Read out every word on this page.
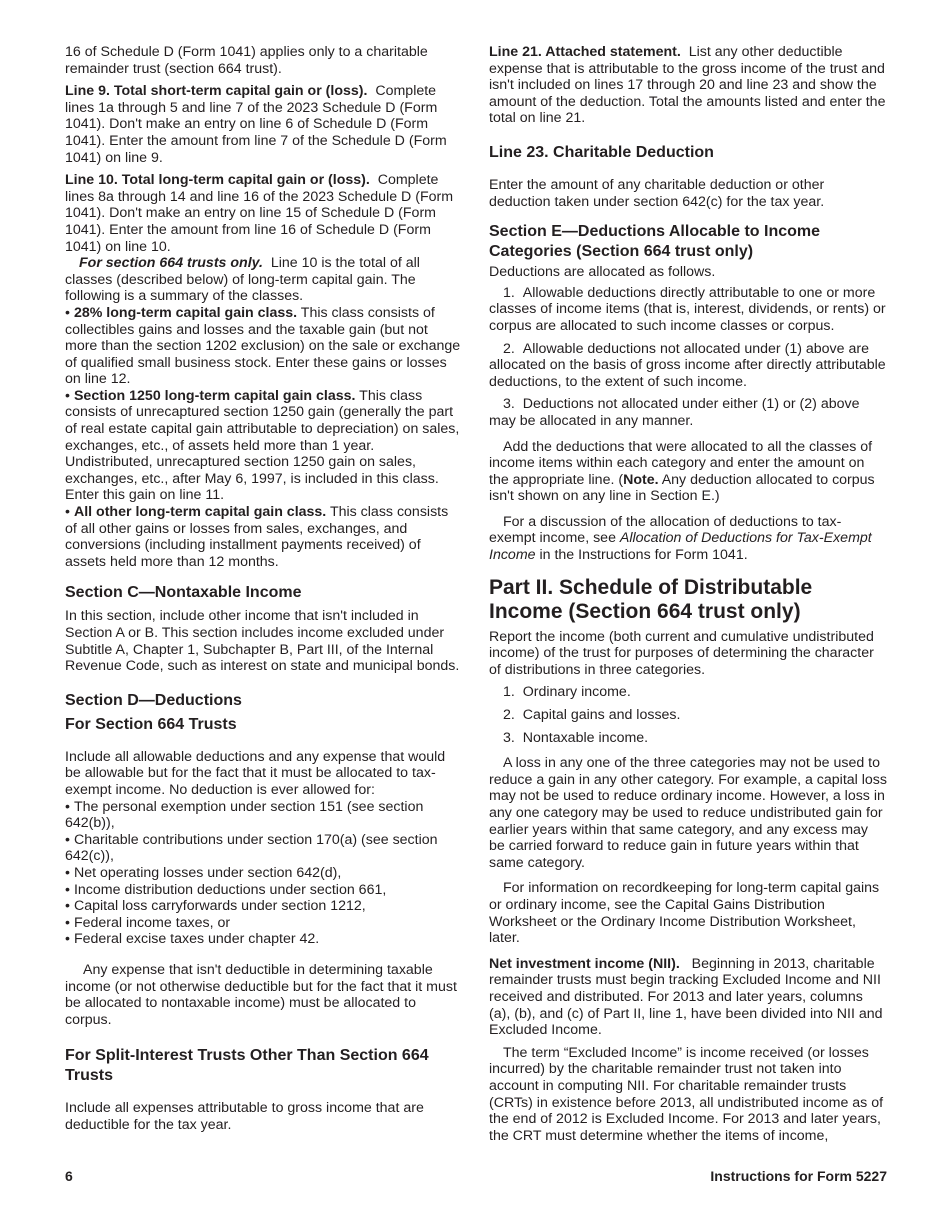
16 of Schedule D (Form 1041) applies only to a charitable remainder trust (section 664 trust).

Line 9. Total short-term capital gain or (loss). Complete lines 1a through 5 and line 7 of the 2023 Schedule D (Form 1041). Don't make an entry on line 6 of Schedule D (Form 1041). Enter the amount from line 7 of the Schedule D (Form 1041) on line 9.

Line 10. Total long-term capital gain or (loss). Complete lines 8a through 14 and line 16 of the 2023 Schedule D (Form 1041). Don't make an entry on line 15 of Schedule D (Form 1041). Enter the amount from line 16 of Schedule D (Form 1041) on line 10.

For section 664 trusts only. Line 10 is the total of all classes (described below) of long-term capital gain. The following is a summary of the classes.

• 28% long-term capital gain class. This class consists of collectibles gains and losses and the taxable gain (but not more than the section 1202 exclusion) on the sale or exchange of qualified small business stock. Enter these gains or losses on line 12.

• Section 1250 long-term capital gain class. This class consists of unrecaptured section 1250 gain (generally the part of real estate capital gain attributable to depreciation) on sales, exchanges, etc., of assets held more than 1 year. Undistributed, unrecaptured section 1250 gain on sales, exchanges, etc., after May 6, 1997, is included in this class. Enter this gain on line 11.

• All other long-term capital gain class. This class consists of all other gains or losses from sales, exchanges, and conversions (including installment payments received) of assets held more than 12 months.

Section C—Nontaxable Income

In this section, include other income that isn't included in Section A or B. This section includes income excluded under Subtitle A, Chapter 1, Subchapter B, Part III, of the Internal Revenue Code, such as interest on state and municipal bonds.

Section D—Deductions
For Section 664 Trusts

Include all allowable deductions and any expense that would be allowable but for the fact that it must be allocated to tax-exempt income. No deduction is ever allowed for:

• The personal exemption under section 151 (see section 642(b)),

• Charitable contributions under section 170(a) (see section 642(c)),

• Net operating losses under section 642(d),

• Income distribution deductions under section 661,

• Capital loss carryforwards under section 1212,

• Federal income taxes, or

• Federal excise taxes under chapter 42.

Any expense that isn't deductible in determining taxable income (or not otherwise deductible but for the fact that it must be allocated to nontaxable income) must be allocated to corpus.

For Split-Interest Trusts Other Than Section 664 Trusts

Include all expenses attributable to gross income that are deductible for the tax year.

Line 21. Attached statement. List any other deductible expense that is attributable to the gross income of the trust and isn't included on lines 17 through 20 and line 23 and show the amount of the deduction. Total the amounts listed and enter the total on line 21.

Line 23. Charitable Deduction

Enter the amount of any charitable deduction or other deduction taken under section 642(c) for the tax year.

Section E—Deductions Allocable to Income Categories (Section 664 trust only)

Deductions are allocated as follows.

1. Allowable deductions directly attributable to one or more classes of income items (that is, interest, dividends, or rents) or corpus are allocated to such income classes or corpus.

2. Allowable deductions not allocated under (1) above are allocated on the basis of gross income after directly attributable deductions, to the extent of such income.

3. Deductions not allocated under either (1) or (2) above may be allocated in any manner.

Add the deductions that were allocated to all the classes of income items within each category and enter the amount on the appropriate line. (Note. Any deduction allocated to corpus isn't shown on any line in Section E.)

For a discussion of the allocation of deductions to tax-exempt income, see Allocation of Deductions for Tax-Exempt Income in the Instructions for Form 1041.

Part II. Schedule of Distributable Income (Section 664 trust only)

Report the income (both current and cumulative undistributed income) of the trust for purposes of determining the character of distributions in three categories.

1. Ordinary income.

2. Capital gains and losses.

3. Nontaxable income.

A loss in any one of the three categories may not be used to reduce a gain in any other category. For example, a capital loss may not be used to reduce ordinary income. However, a loss in any one category may be used to reduce undistributed gain for earlier years within that same category, and any excess may be carried forward to reduce gain in future years within that same category.

For information on recordkeeping for long-term capital gains or ordinary income, see the Capital Gains Distribution Worksheet or the Ordinary Income Distribution Worksheet, later.

Net investment income (NII). Beginning in 2013, charitable remainder trusts must begin tracking Excluded Income and NII received and distributed. For 2013 and later years, columns (a), (b), and (c) of Part II, line 1, have been divided into NII and Excluded Income.

The term “Excluded Income” is income received (or losses incurred) by the charitable remainder trust not taken into account in computing NII. For charitable remainder trusts (CRTs) in existence before 2013, all undistributed income as of the end of 2012 is Excluded Income. For 2013 and later years, the CRT must determine whether the items of income,

6	Instructions for Form 5227
